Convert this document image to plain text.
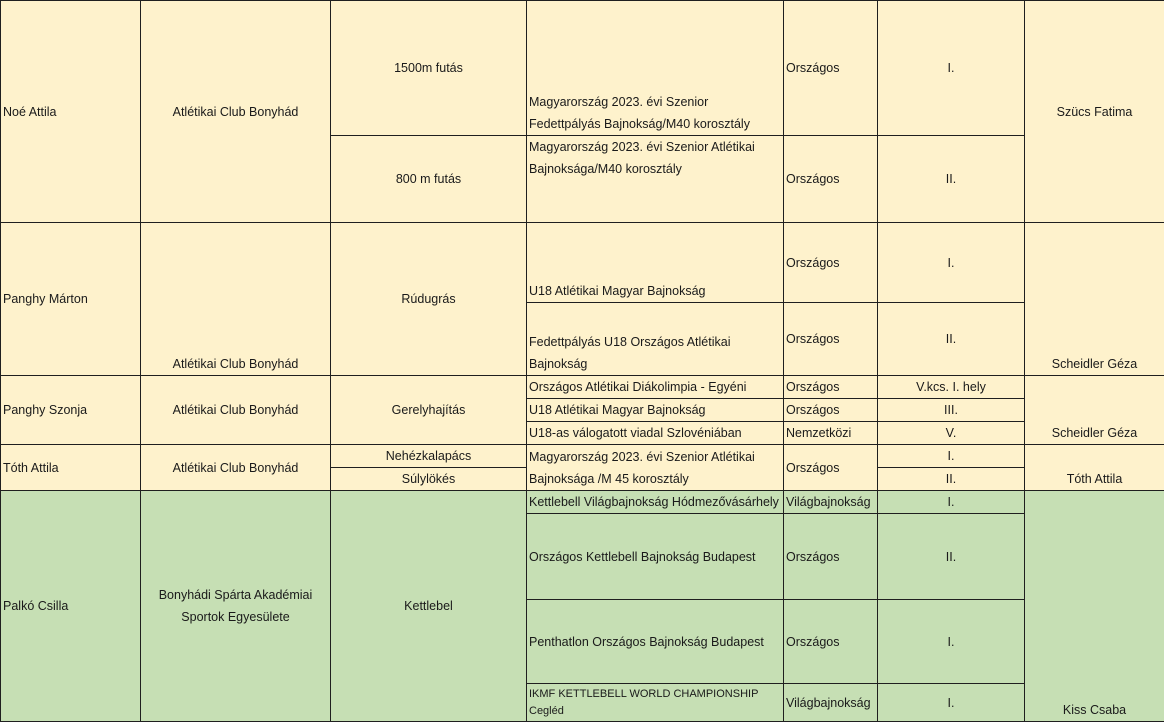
Noé Attila	Atlétikai Club Bonyhád	1500m futás	Magyarország 2023. évi Szenior Fedettpályás Bajnokság/M40 korosztály	Országos	I.	Szücs Fatima
		800 m futás	Magyarország 2023. évi Szenior Atlétikai Bajnoksága/M40 korosztály	Országos	II.	
Panghy Márton	Atlétikai Club Bonyhád	Rúdugrás	U18 Atlétikai Magyar Bajnokság	Országos	I.	Scheidler Géza
			Fedettpályás U18 Országos Atlétikai Bajnokság	Országos	II.	
Panghy Szonja	Atlétikai Club Bonyhád	Gerelyhajítás	Országos Atlétikai Diákolimpia - Egyéni	Országos	V.kcs. I. hely	Scheidler Géza
			U18 Atlétikai Magyar Bajnokság	Országos	III.	
			U18-as válogatott viadal Szlovéniában	Nemzetközi	V.	
Tóth Attila	Atlétikai Club Bonyhád	Nehézkalapács	Magyarország 2023. évi Szenior Atlétikai Bajnoksága /M 45 korosztály	Országos	I.	Tóth Attila
		Súlylökés			II.	
Palkó Csilla	Bonyhádi Spárta Akadémiai Sportok Egyesülete	Kettlebel	Kettlebell Világbajnokság Hódmezővásárhely	Világbajnokság	I.	Kiss Csaba
			Országos Kettlebell Bajnokság Budapest	Országos	II.	
			Penthatlon Országos Bajnokság Budapest	Országos	I.	
			IKMF KETTLEBELL WORLD CHAMPIONSHIP Cegléd	Világbajnokság	I.	
